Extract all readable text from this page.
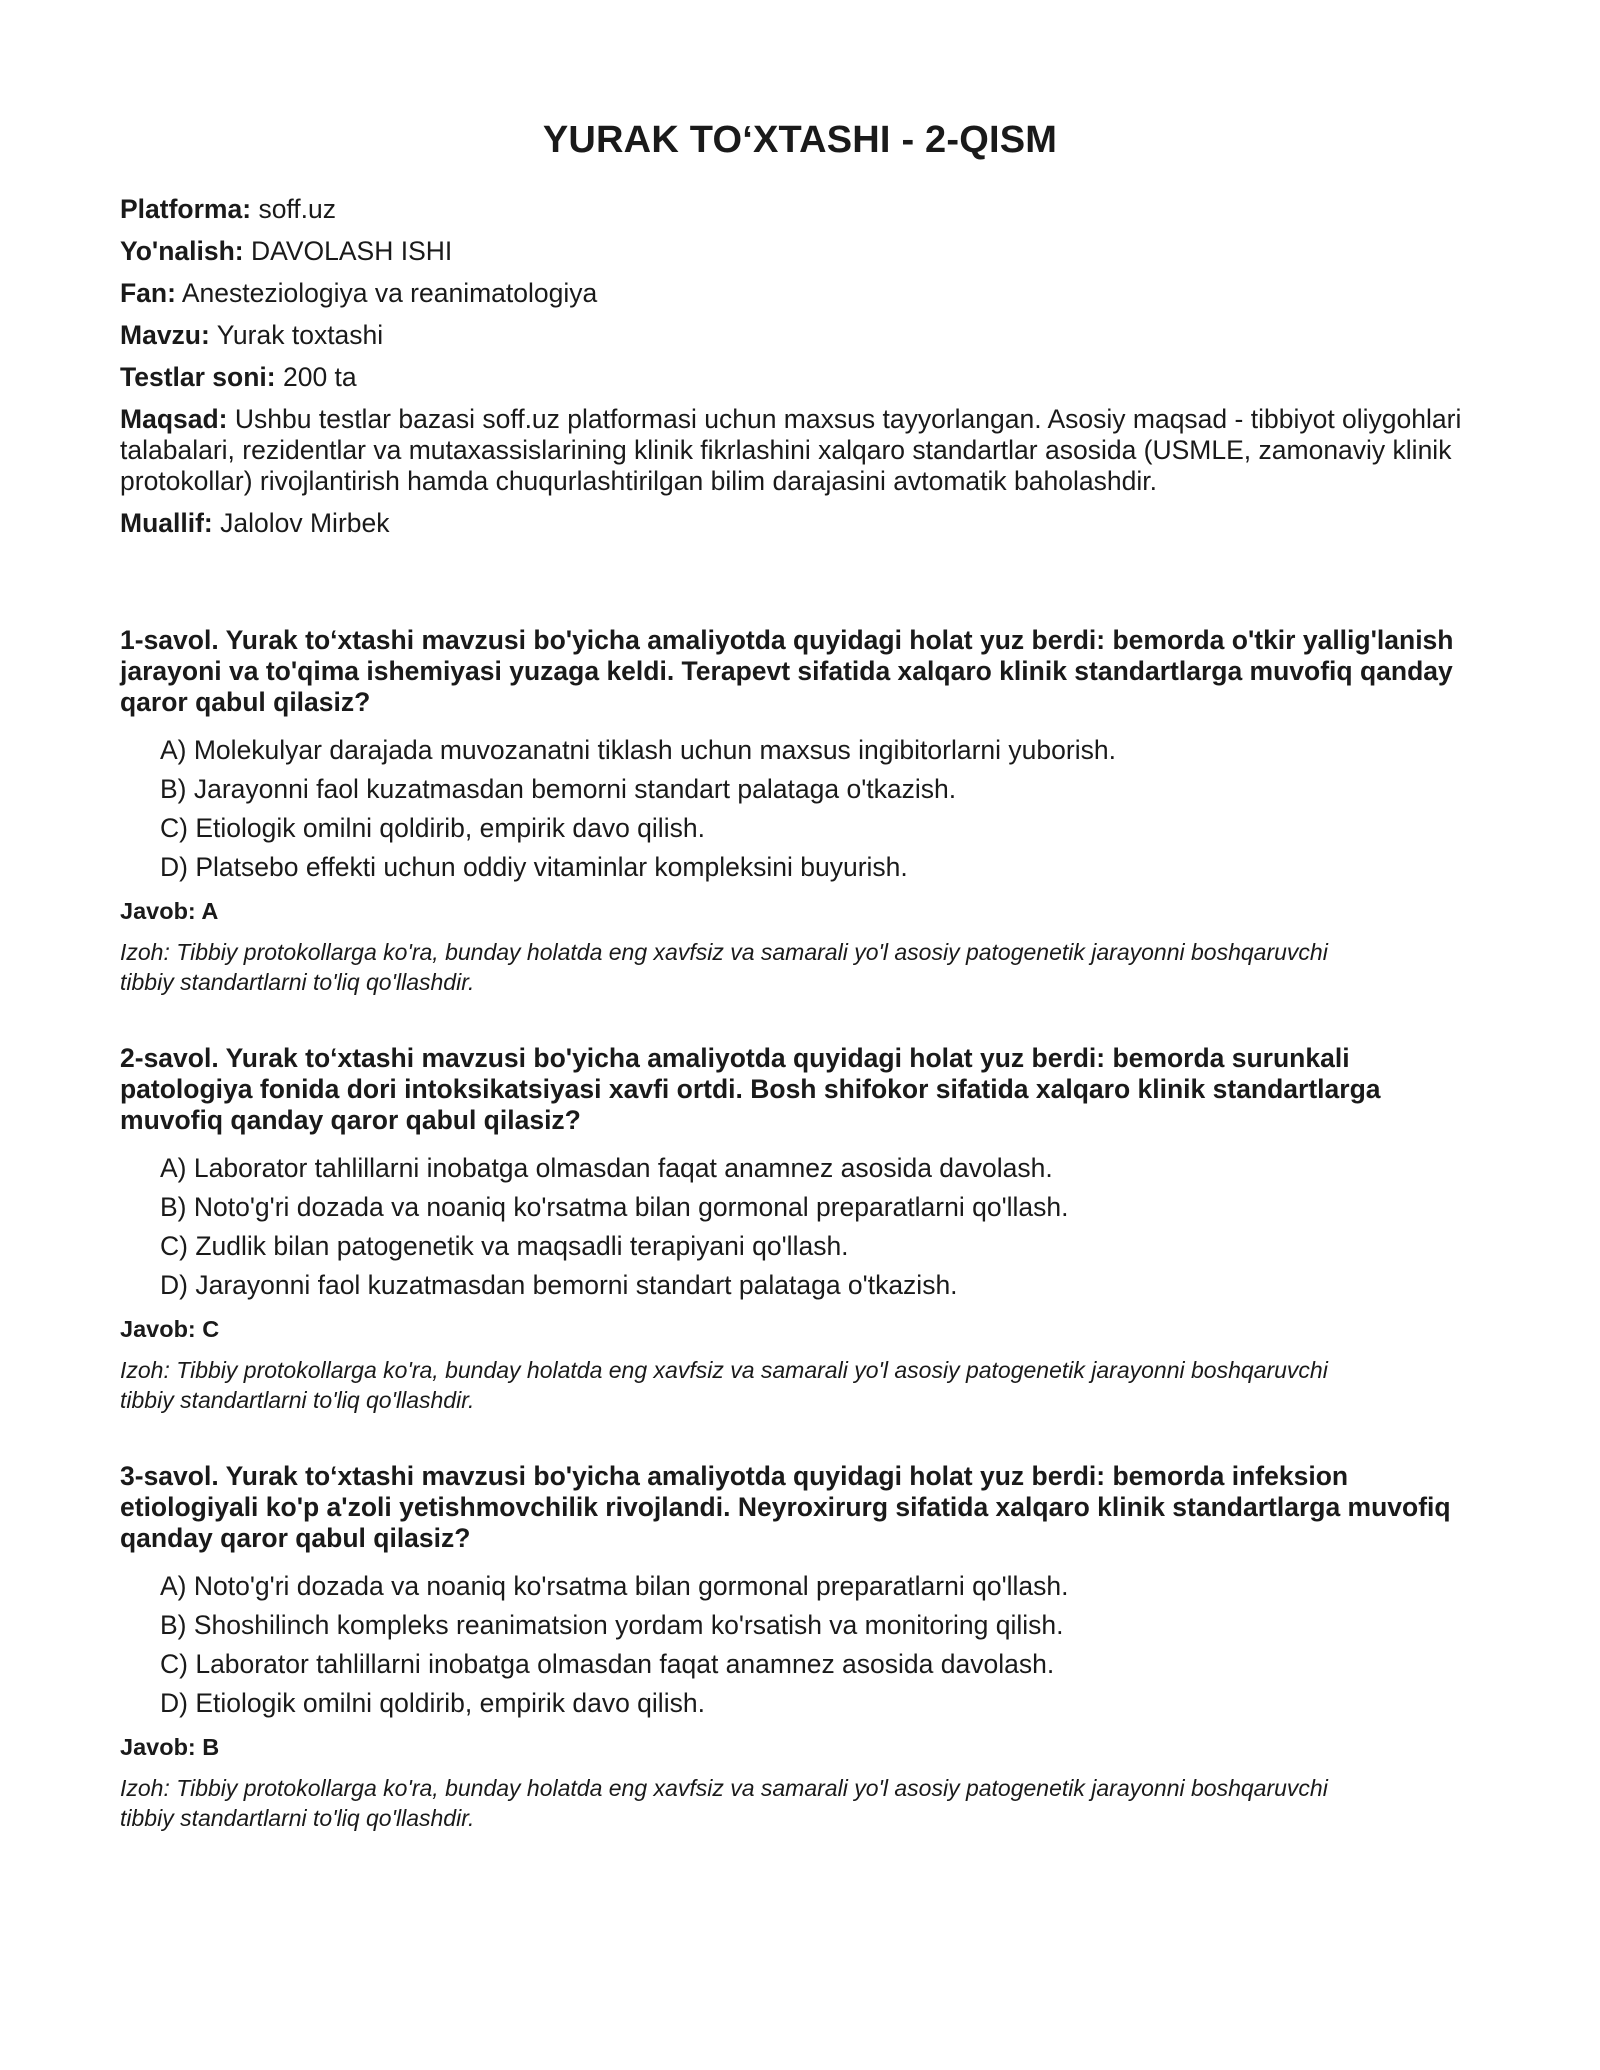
YURAK TO‘XTASHI - 2-QISM
Platforma: soff.uz
Yo'nalish: DAVOLASH ISHI
Fan: Anesteziologiya va reanimatologiya
Mavzu: Yurak toxtashi
Testlar soni: 200 ta
Maqsad: Ushbu testlar bazasi soff.uz platformasi uchun maxsus tayyorlangan. Asosiy maqsad - tibbiyot oliygohlari talabalari, rezidentlar va mutaxassislarining klinik fikrlashini xalqaro standartlar asosida (USMLE, zamonaviy klinik protokollar) rivojlantirish hamda chuqurlashtirilgan bilim darajasini avtomatik baholashdir.
Muallif: Jalolov Mirbek

1-savol. Yurak to‘xtashi mavzusi bo'yicha amaliyotda quyidagi holat yuz berdi: bemorda o'tkir yallig'lanish jarayoni va to'qima ishemiyasi yuzaga keldi. Terapevt sifatida xalqaro klinik standartlarga muvofiq qanday qaror qabul qilasiz?

A) Molekulyar darajada muvozanatni tiklash uchun maxsus ingibitorlarni yuborish.
B) Jarayonni faol kuzatmasdan bemorni standart palataga o'tkazish.
C) Etiologik omilni qoldirib, empirik davo qilish.
D) Platsebo effekti uchun oddiy vitaminlar kompleksini buyurish.

Javob: A

Izoh: Tibbiy protokollarga ko'ra, bunday holatda eng xavfsiz va samarali yo'l asosiy patogenetik jarayonni boshqaruvchi tibbiy standartlarni to'liq qo'llashdir.

2-savol. Yurak to‘xtashi mavzusi bo'yicha amaliyotda quyidagi holat yuz berdi: bemorda surunkali patologiya fonida dori intoksikatsiyasi xavfi ortdi. Bosh shifokor sifatida xalqaro klinik standartlarga muvofiq qanday qaror qabul qilasiz?

A) Laborator tahlillarni inobatga olmasdan faqat anamnez asosida davolash.
B) Noto'g'ri dozada va noaniq ko'rsatma bilan gormonal preparatlarni qo'llash.
C) Zudlik bilan patogenetik va maqsadli terapiyani qo'llash.
D) Jarayonni faol kuzatmasdan bemorni standart palataga o'tkazish.

Javob: C

Izoh: Tibbiy protokollarga ko'ra, bunday holatda eng xavfsiz va samarali yo'l asosiy patogenetik jarayonni boshqaruvchi tibbiy standartlarni to'liq qo'llashdir.

3-savol. Yurak to‘xtashi mavzusi bo'yicha amaliyotda quyidagi holat yuz berdi: bemorda infeksion etiologiyali ko'p a'zoli yetishmovchilik rivojlandi. Neyroxirurg sifatida xalqaro klinik standartlarga muvofiq qanday qaror qabul qilasiz?

A) Noto'g'ri dozada va noaniq ko'rsatma bilan gormonal preparatlarni qo'llash.
B) Shoshilinch kompleks reanimatsion yordam ko'rsatish va monitoring qilish.
C) Laborator tahlillarni inobatga olmasdan faqat anamnez asosida davolash.
D) Etiologik omilni qoldirib, empirik davo qilish.

Javob: B

Izoh: Tibbiy protokollarga ko'ra, bunday holatda eng xavfsiz va samarali yo'l asosiy patogenetik jarayonni boshqaruvchi tibbiy standartlarni to'liq qo'llashdir.
